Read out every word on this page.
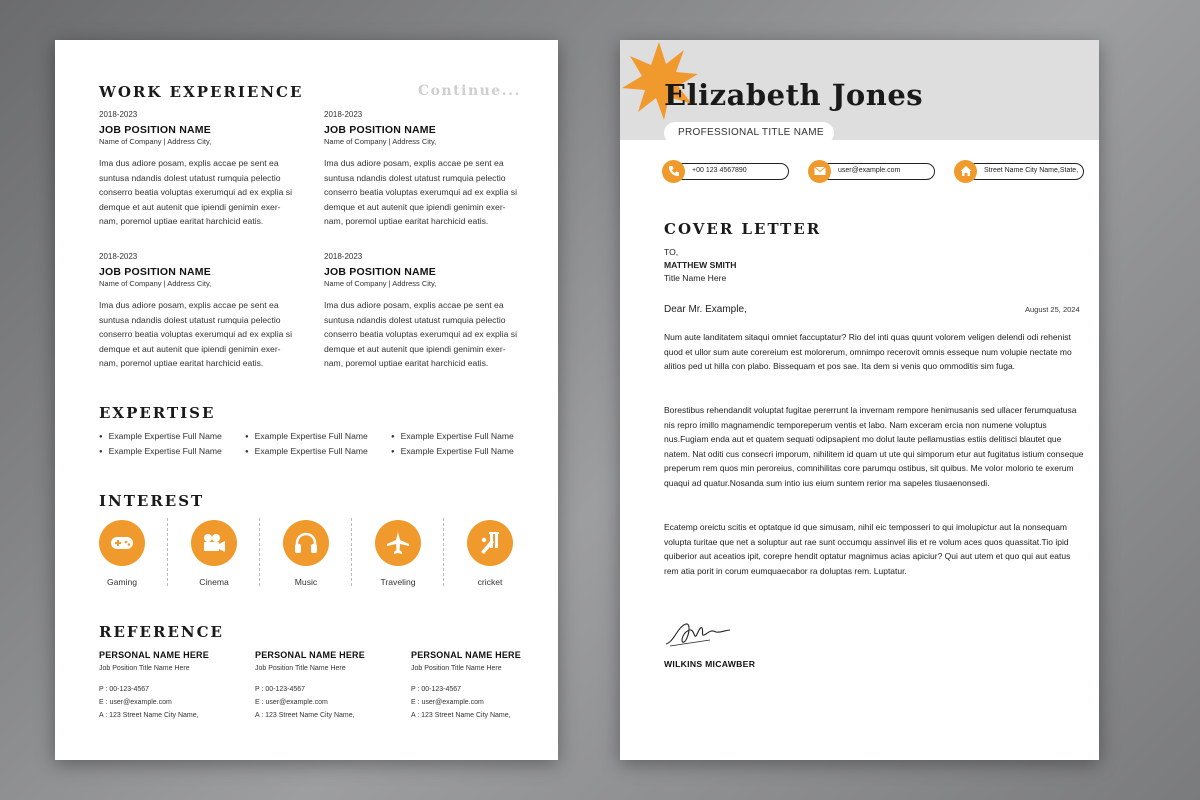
WORK EXPERIENCE	Continue...
2018-2023
JOB POSITION NAME
Name of Company | Address City,
Ima dus adiore posam, explis accae pe sent ea suntusa ndandis dolest utatust rumquia pelectio conserro beatia voluptas exerumqui ad ex explia si demque et aut autenit que ipiendi genimin exer-nam, poremol uptiae earitat harchicid eatis.
2018-2023
JOB POSITION NAME
Name of Company | Address City,
Ima dus adiore posam, explis accae pe sent ea suntusa ndandis dolest utatust rumquia pelectio conserro beatia voluptas exerumqui ad ex explia si demque et aut autenit que ipiendi genimin exer-nam, poremol uptiae earitat harchicid eatis.
2018-2023
JOB POSITION NAME
Name of Company | Address City,
Ima dus adiore posam, explis accae pe sent ea suntusa ndandis dolest utatust rumquia pelectio conserro beatia voluptas exerumqui ad ex explia si demque et aut autenit que ipiendi genimin exer-nam, poremol uptiae earitat harchicid eatis.
2018-2023
JOB POSITION NAME
Name of Company | Address City,
Ima dus adiore posam, explis accae pe sent ea suntusa ndandis dolest utatust rumquia pelectio conserro beatia voluptas exerumqui ad ex explia si demque et aut autenit que ipiendi genimin exer-nam, poremol uptiae earitat harchicid eatis.
EXPERTISE
● Example Expertise Full Name	● Example Expertise Full Name	● Example Expertise Full Name
● Example Expertise Full Name	● Example Expertise Full Name	● Example Expertise Full Name
INTEREST
Gaming	Cinema	Music	Traveling	cricket
REFERENCE
PERSONAL NAME HERE
Job Position Title Name Here
P : 00-123-4567
E : user@example.com
A : 123 Street Name City Name,
PERSONAL NAME HERE
Job Position Title Name Here
P : 00-123-4567
E : user@example.com
A : 123 Street Name City Name,
PERSONAL NAME HERE
Job Position Title Name Here
P : 00-123-4567
E : user@example.com
A : 123 Street Name City Name,
Elizabeth Jones
PROFESSIONAL TITLE NAME
+00 123 4567890	user@example.com	Street Name City Name,State,
COVER LETTER
TO,
MATTHEW SMITH
Title Name Here
Dear Mr. Example,	August 25, 2024
Num aute landitatem sitaqui omniet faccuptatur? Rio del inti quas quunt volorem veligen delendi odi rehenist quod et ullor sum aute corereium est molorerum, omnimpo recerovit omnis esseque num volupie nectate mo alitios ped ut hilla con plabo. Bissequam et pos sae. Ita dem si venis quo ommoditis sim fuga.
Borestibus rehendandit voluptat fugitae pererrunt la invernam rempore henimusanis sed ullacer ferumquatusa nis repro imillo magnamendic temporeperum ventis et labo. Nam exceram ercia non numene voluptus nus.Fugiam enda aut et quatem sequati odipsapient mo dolut laute pellamustias estiis delitisci blautet que natem. Nat oditi cus consecri imporum, nihilitem id quam ut ute qui simporum etur aut fugitatus istium conseque preperum rem quos min peroreius, comnihilitas core parumqu ostibus, sit quibus. Me volor molorio te exerum quaqui ad quatur.Nosanda sum intio ius eium suntem rerior ma sapeles tiusaenonsedi.
Ecatemp oreictu scitis et optatque id que simusam, nihil eic temposseri to qui imolupictur aut la nonsequam volupta turitae que net a soluptur aut rae sunt occumqu assinvel ilis et re volum aces quos quassitat.Tio ipid quiberior aut aceatios ipit, corepre hendit optatur magnimus acias apiciur? Qui aut utem et quo qui aut eatus rem atia porit in corum eumquaecabor ra doluptas rem. Luptatur.
WILKINS MICAWBER
